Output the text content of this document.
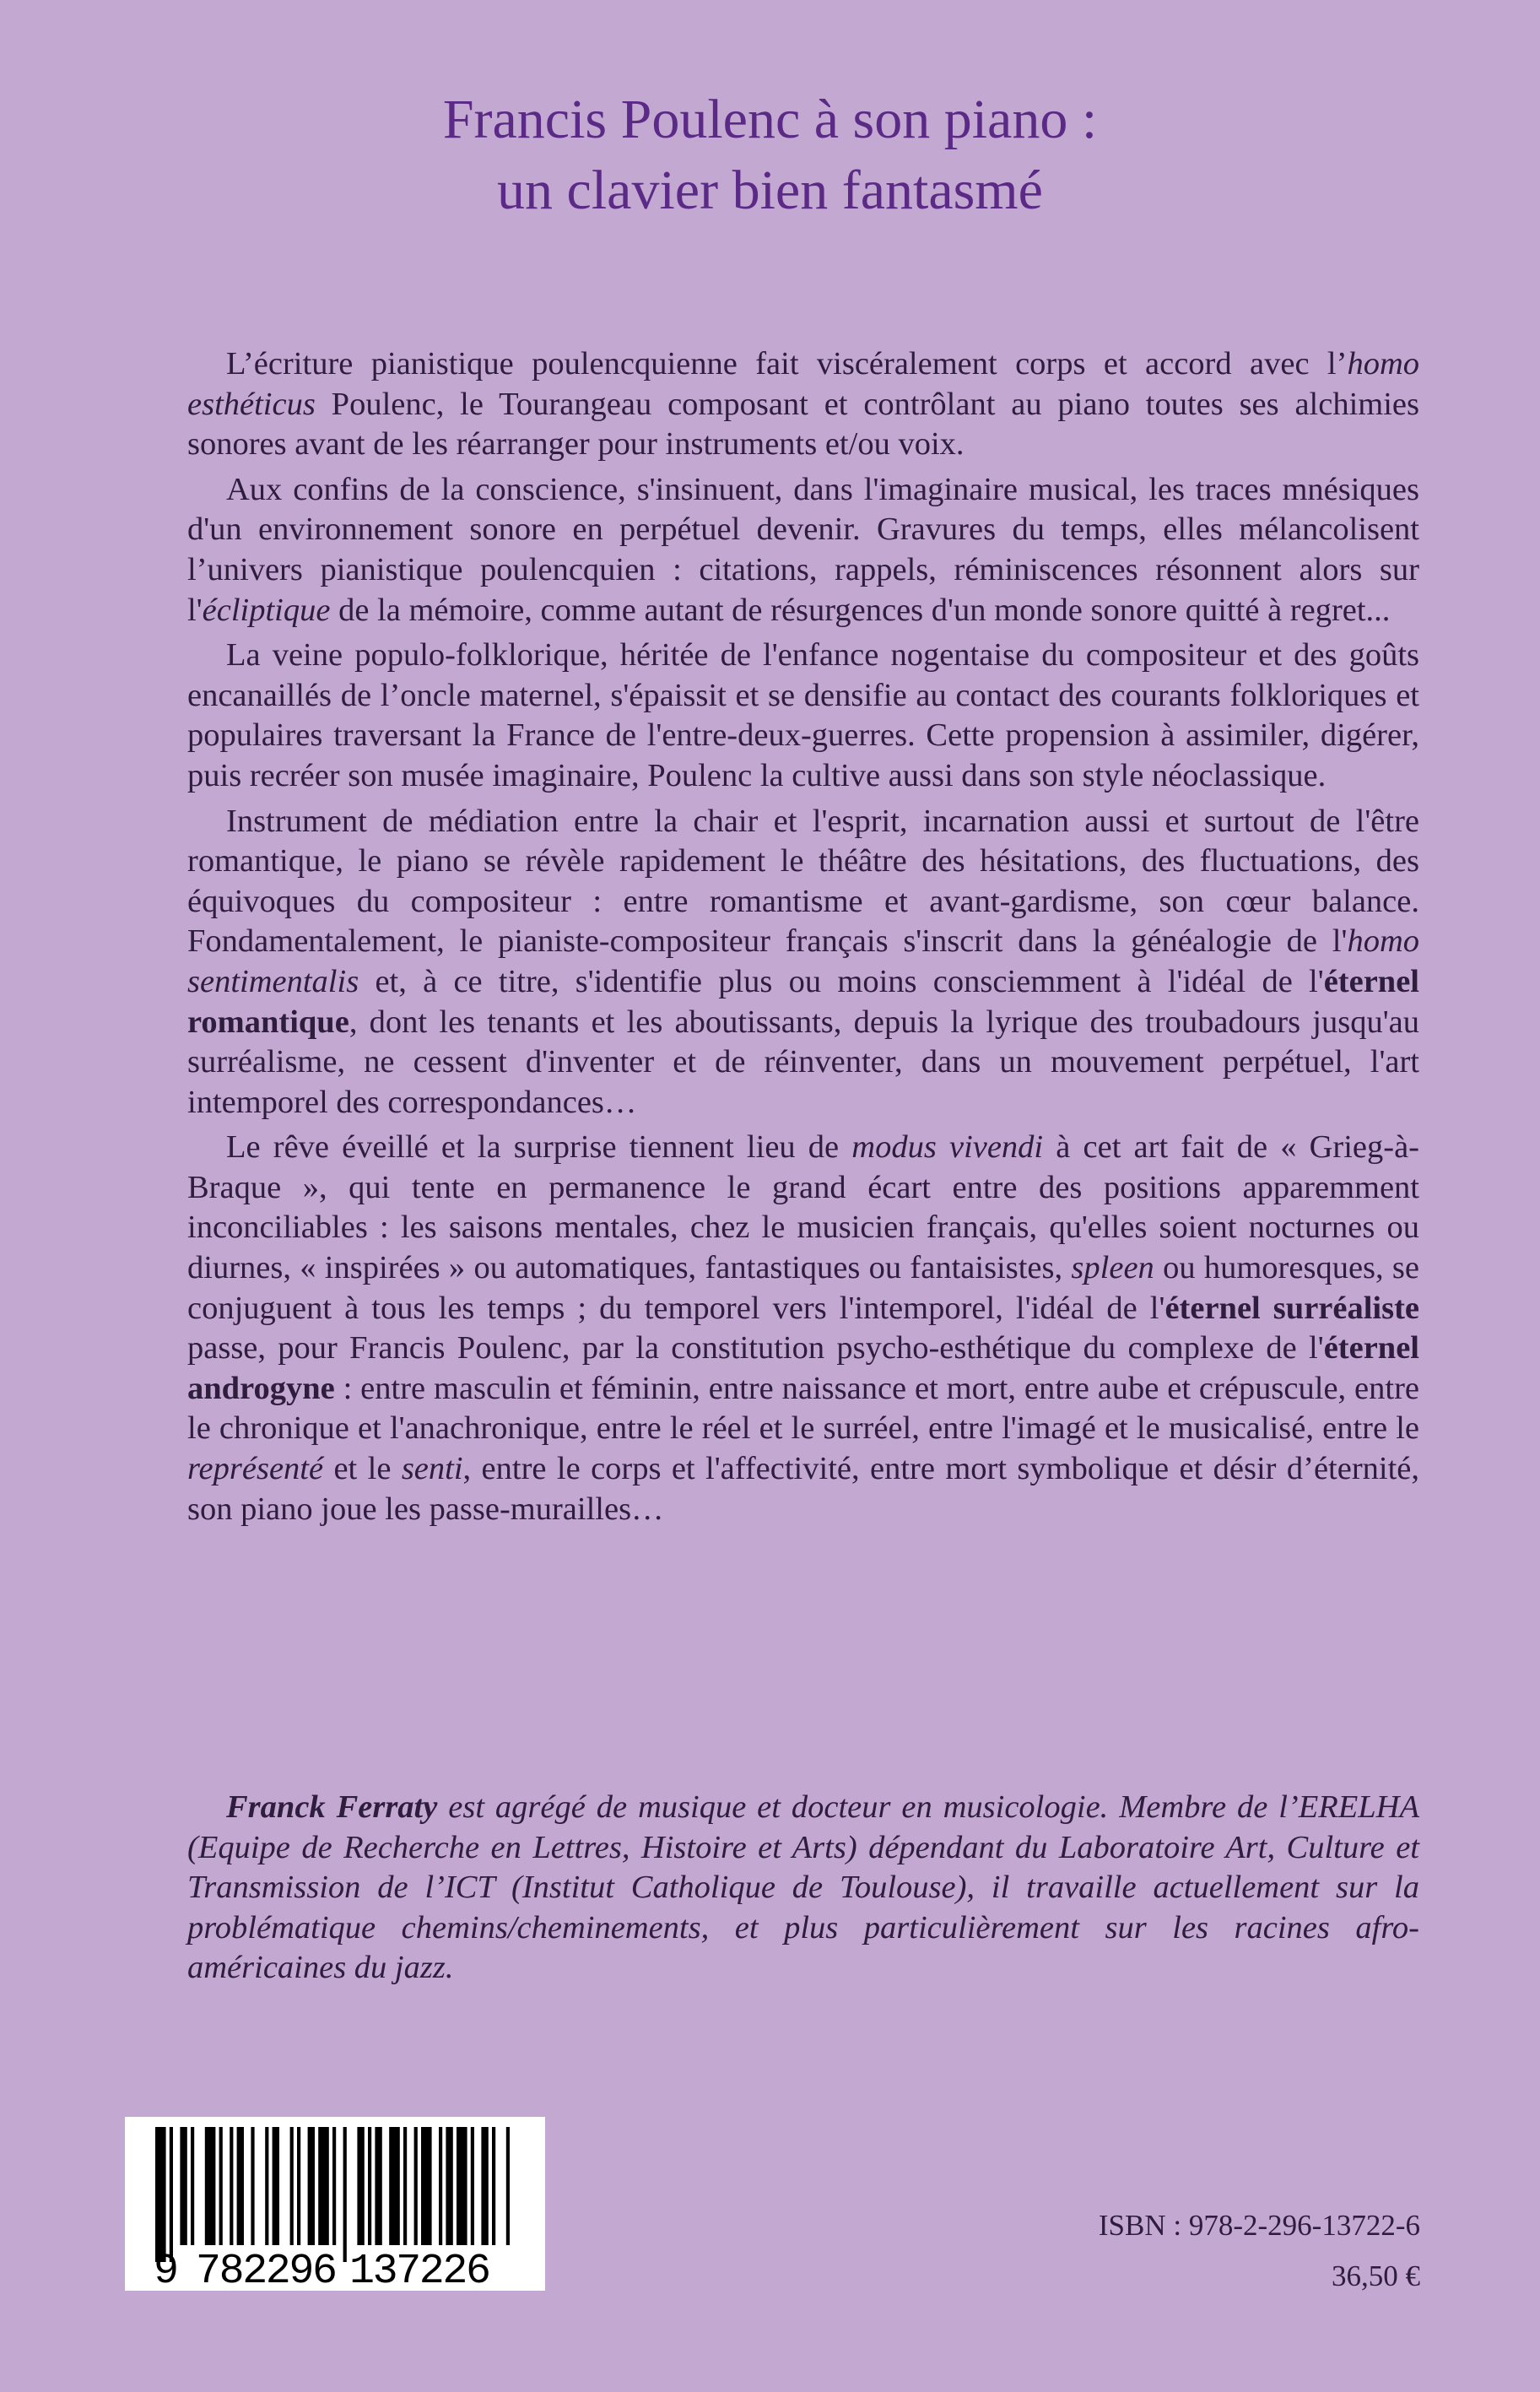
Francis Poulenc à son piano :
un clavier bien fantasmé

L’écriture pianistique poulencquienne fait viscéralement corps et accord avec l’homo esthéticus Poulenc, le Tourangeau composant et contrôlant au piano toutes ses alchimies sonores avant de les réarranger pour instruments et/ou voix.

Aux confins de la conscience, s'insinuent, dans l'imaginaire musical, les traces mnésiques d'un environnement sonore en perpétuel devenir. Gravures du temps, elles mélancolisent l’univers pianistique poulencquien : citations, rappels, réminiscences résonnent alors sur l'écliptique de la mémoire, comme autant de résurgences d'un monde sonore quitté à regret...

La veine populo-folklorique, héritée de l'enfance nogentaise du compositeur et des goûts encanaillés de l’oncle maternel, s'épaissit et se densifie au contact des courants folkloriques et populaires traversant la France de l'entre-deux-guerres. Cette propension à assimiler, digérer, puis recréer son musée imaginaire, Poulenc la cultive aussi dans son style néoclassique.

Instrument de médiation entre la chair et l'esprit, incarnation aussi et surtout de l'être romantique, le piano se révèle rapidement le théâtre des hésitations, des fluctuations, des équivoques du compositeur : entre romantisme et avant-gardisme, son cœur balance. Fondamentalement, le pianiste-compositeur français s'inscrit dans la généalogie de l'homo sentimentalis et, à ce titre, s'identifie plus ou moins consciemment à l'idéal de l'éternel romantique, dont les tenants et les aboutissants, depuis la lyrique des troubadours jusqu'au surréalisme, ne cessent d'inventer et de réinventer, dans un mouvement perpétuel, l'art intemporel des correspondances…

Le rêve éveillé et la surprise tiennent lieu de modus vivendi à cet art fait de « Grieg-à-Braque », qui tente en permanence le grand écart entre des positions apparemment inconciliables : les saisons mentales, chez le musicien français, qu'elles soient nocturnes ou diurnes, « inspirées » ou automatiques, fantastiques ou fantaisistes, spleen ou humoresques, se conjuguent à tous les temps ; du temporel vers l'intemporel, l'idéal de l'éternel surréaliste passe, pour Francis Poulenc, par la constitution psycho-esthétique du complexe de l'éternel androgyne : entre masculin et féminin, entre naissance et mort, entre aube et crépuscule, entre le chronique et l'anachronique, entre le réel et le surréel, entre l'imagé et le musicalisé, entre le représenté et le senti, entre le corps et l'affectivité, entre mort symbolique et désir d’éternité, son piano joue les passe-murailles…

Franck Ferraty est agrégé de musique et docteur en musicologie. Membre de l’ERELHA (Equipe de Recherche en Lettres, Histoire et Arts) dépendant du Laboratoire Art, Culture et Transmission de l’ICT (Institut Catholique de Toulouse), il travaille actuellement sur la problématique chemins/cheminements, et plus particulièrement sur les racines afro-américaines du jazz.

9 782296 137226
ISBN : 978-2-296-13722-6
36,50 €
